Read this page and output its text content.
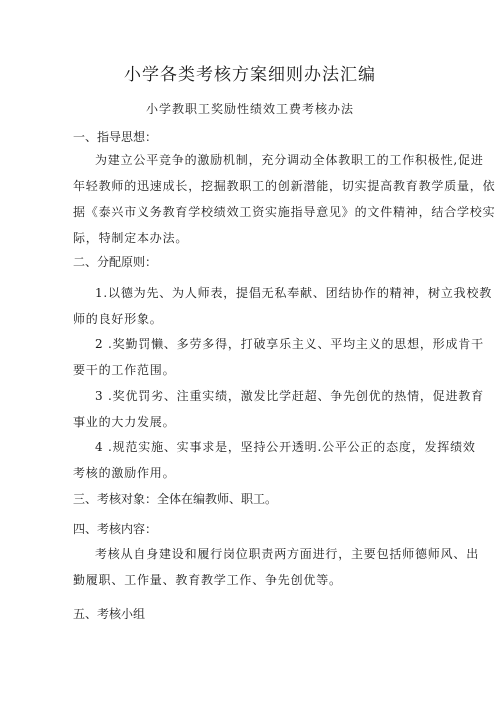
小学各类考核方案细则办法汇编
小学教职工奖励性绩效工费考核办法
一、指导思想：
为建立公平竞争的激励机制，充分调动全体教职工的工作积极性,促进
年轻教师的迅速成长，挖掘教职工的创新潜能，切实提高教育教学质量，依
据《泰兴市义务教育学校绩效工资实施指导意见》的文件精神，结合学校实
际，特制定本办法。
二、分配原则：
1.以德为先、为人师表，提倡无私奉献、团结协作的精神，树立我校教
师的良好形象。
2 .奖勤罚懒、多劳多得，打破享乐主义、平均主义的思想，形成肯干
要干的工作范围。
3 .奖优罚劣、注重实绩，激发比学赶超、争先创优的热情，促进教育
事业的大力发展。
4 .规范实施、实事求是，坚持公开透明.公平公正的态度，发挥绩效
考核的激励作用。
三、考核对象：全体在编教师、职工。
四、考核内容：
考核从自身建设和履行岗位职责两方面进行，主要包括师德师风、出
勤履职、工作量、教育教学工作、争先创优等。
五、考核小组
